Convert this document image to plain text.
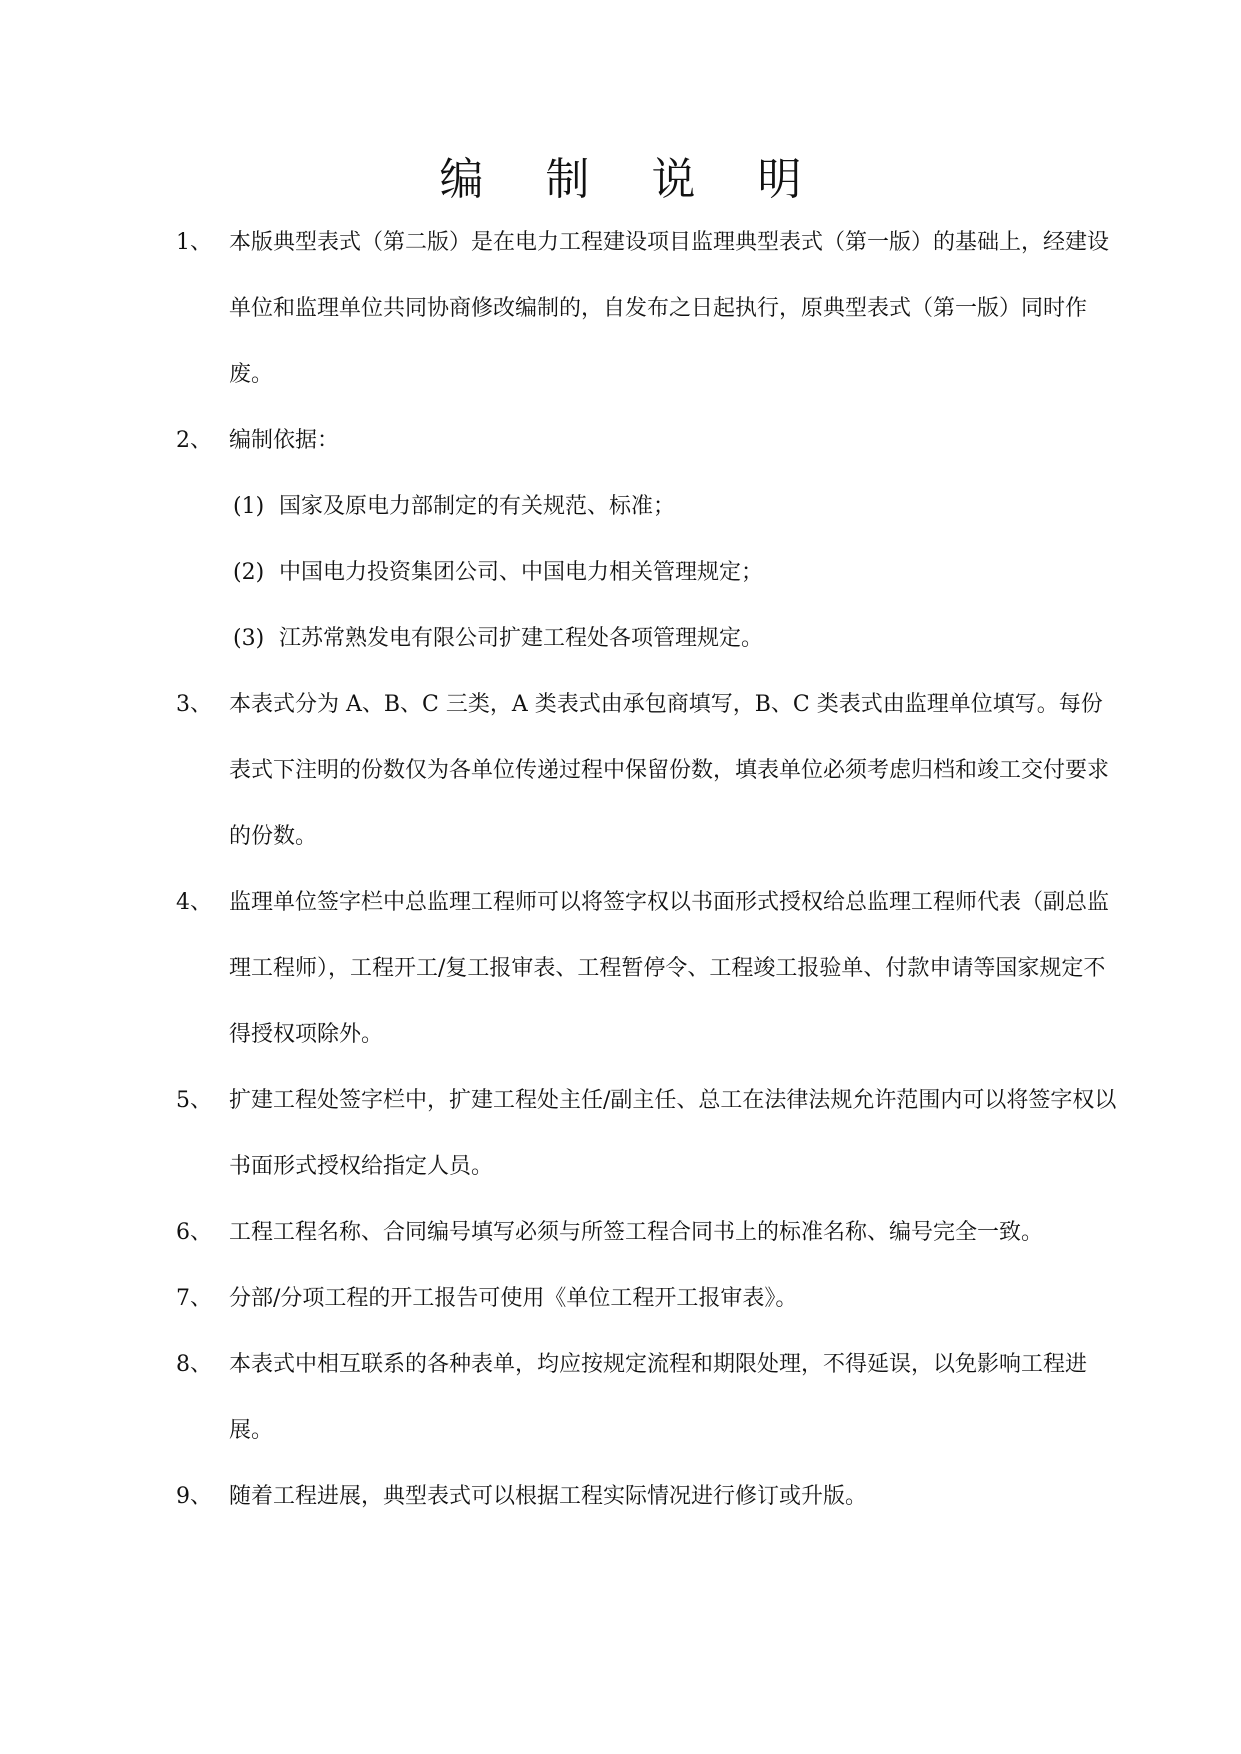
编 制 说 明
1、 本版典型表式（第二版）是在电力工程建设项目监理典型表式（第一版）的基础上，经建设单位和监理单位共同协商修改编制的，自发布之日起执行，原典型表式（第一版）同时作废。
2、 编制依据：
(1) 国家及原电力部制定的有关规范、标准；
(2) 中国电力投资集团公司、中国电力相关管理规定；
(3) 江苏常熟发电有限公司扩建工程处各项管理规定。
3、 本表式分为 A、B、C 三类，A 类表式由承包商填写，B、C 类表式由监理单位填写。每份表式下注明的份数仅为各单位传递过程中保留份数，填表单位必须考虑归档和竣工交付要求的份数。
4、 监理单位签字栏中总监理工程师可以将签字权以书面形式授权给总监理工程师代表（副总监理工程师），工程开工/复工报审表、工程暂停令、工程竣工报验单、付款申请等国家规定不得授权项除外。
5、 扩建工程处签字栏中，扩建工程处主任/副主任、总工在法律法规允许范围内可以将签字权以书面形式授权给指定人员。
6、 工程工程名称、合同编号填写必须与所签工程合同书上的标准名称、编号完全一致。
7、 分部/分项工程的开工报告可使用《单位工程开工报审表》。
8、 本表式中相互联系的各种表单，均应按规定流程和期限处理，不得延误，以免影响工程进展。
9、 随着工程进展，典型表式可以根据工程实际情况进行修订或升版。
